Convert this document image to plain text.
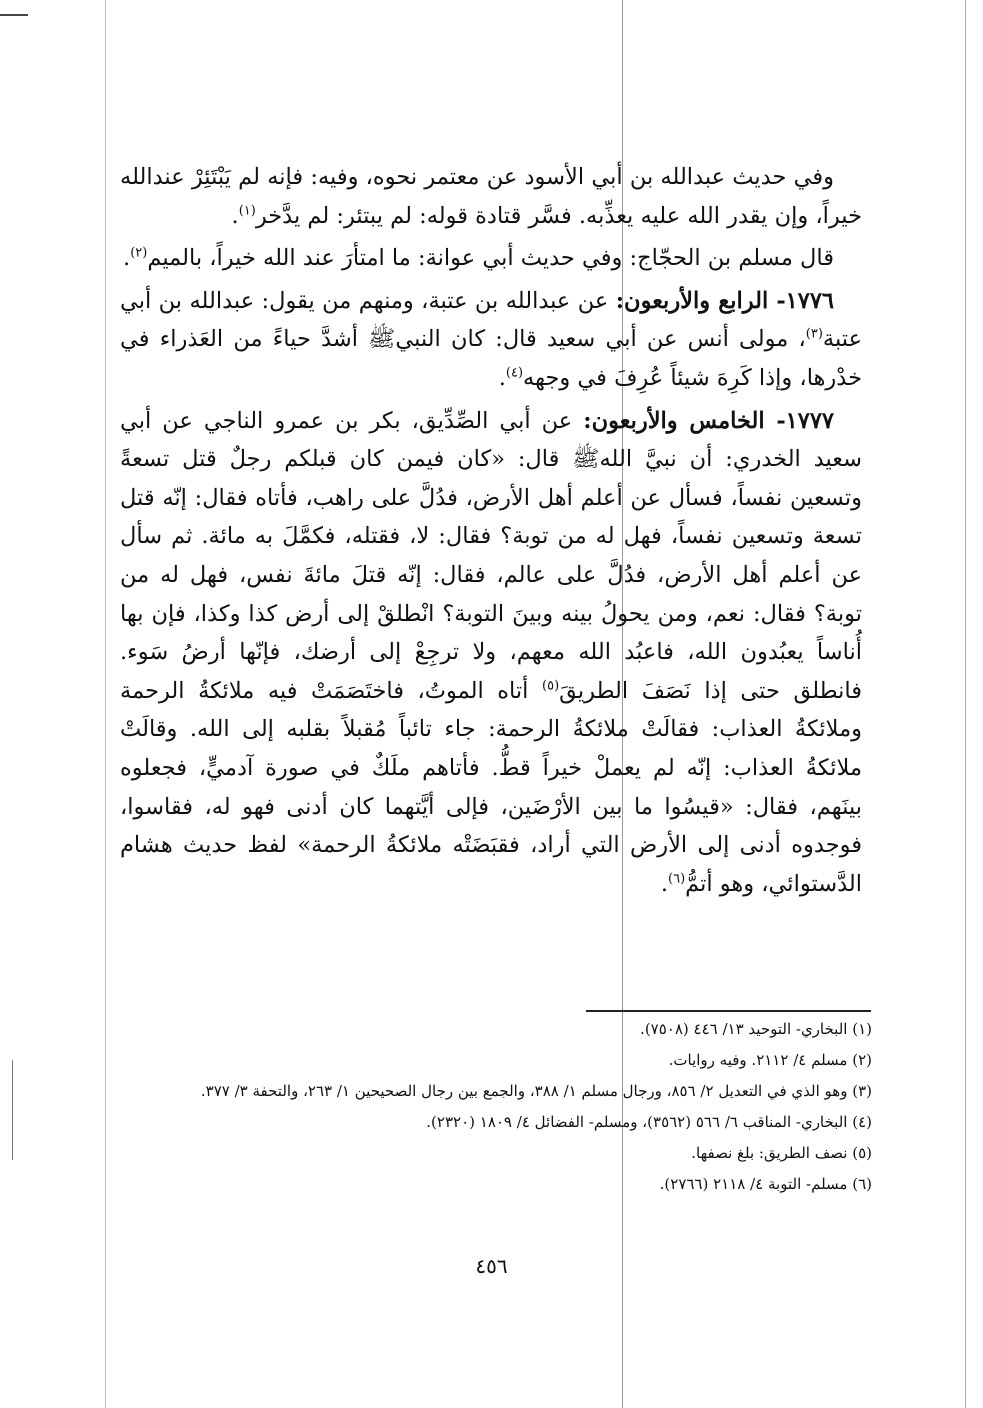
وفي حديث عبدالله بن أبي الأسود عن معتمر نحوه، وفيه: فإنه لم يَبْتَئِرْ عندالله خيراً، وإن يقدر الله عليه يعذِّبه. فسَّر قتادة قوله: لم يبتئر: لم يدَّخر$^{(١)}$.

قال مسلم بن الحجّاج: وفي حديث أبي عوانة: ما امتأرَ عند الله خيراً، بالميم$^{(٢)}$.

١٧٧٦- الرابع والأربعون: عن عبدالله بن عتبة، ومنهم من يقول: عبدالله بن أبي عتبة$^{(٣)}$، مولى أنس عن أبي سعيد قال: كان النبيﷺ أشدَّ حياءً من العَذراء في خدْرها، وإذا كَرِهَ شيئاً عُرِفَ في وجهه$^{(٤)}$.

١٧٧٧- الخامس والأربعون: عن أبي الصِّدِّيق، بكر بن عمرو الناجي عن أبي سعيد الخدري: أن نبيَّ اللهﷺ قال: «كان فيمن كان قبلكم رجلٌ قتل تسعةً وتسعين نفساً، فسأل عن أعلم أهل الأرض، فدُلَّ على راهب، فأتاه فقال: إنّه قتل تسعة وتسعين نفساً، فهل له من توبة؟ فقال: لا، فقتله، فكمَّلَ به مائة. ثم سأل عن أعلم أهل الأرض، فدُلَّ على عالم، فقال: إنّه قتلَ مائةَ نفس، فهل له من توبة؟ فقال: نعم، ومن يحولُ بينه وبينَ التوبة؟ انْطلقْ إلى أرض كذا وكذا، فإن بها أُناساً يعبُدون الله، فاعبُد الله معهم، ولا ترجِعْ إلى أرضك، فإنّها أرضُ سَوء. فانطلق حتى إذا نَصَفَ الطريقَ$^{(٥)}$ أتاه الموتُ، فاختَصَمَتْ فيه ملائكةُ الرحمة وملائكةُ العذاب: فقالَتْ ملائكةُ الرحمة: جاء تائباً مُقبلاً بقلبه إلى الله. وقالَتْ ملائكةُ العذاب: إنّه لم يعملْ خيراً قطُّ. فأتاهم ملَكٌ في صورة آدميٍّ، فجعلوه بينَهم، فقال: «قيسُوا ما بين الأرْضَين، فإلى أيَّتهما كان أدنى فهو له، فقاسوا، فوجدوه أدنى إلى الأرض التي أراد، فقبَضَتْه ملائكةُ الرحمة» لفظ حديث هشام الدَّستوائي، وهو أتمُّ$^{(٦)}$.

(١) البخاري- التوحيد ١٣/ ٤٤٦ (٧٥٠٨).

(٢) مسلم ٤/ ٢١١٢. وفيه روايات.

(٣) وهو الذي في التعديل ٢/ ٨٥٦، ورجال مسلم ١/ ٣٨٨، والجمع بين رجال الصحيحين ١/ ٢٦٣، والتحفة ٣/ ٣٧٧.

(٤) البخاري- المناقب ٦/ ٥٦٦ (٣٥٦٢)، ومسلم- الفضائل ٤/ ١٨٠٩ (٢٣٢٠).

(٥) نصف الطريق: بلغ نصفها.

(٦) مسلم- التوبة ٤/ ٢١١٨ (٢٧٦٦).

٤٥٦
